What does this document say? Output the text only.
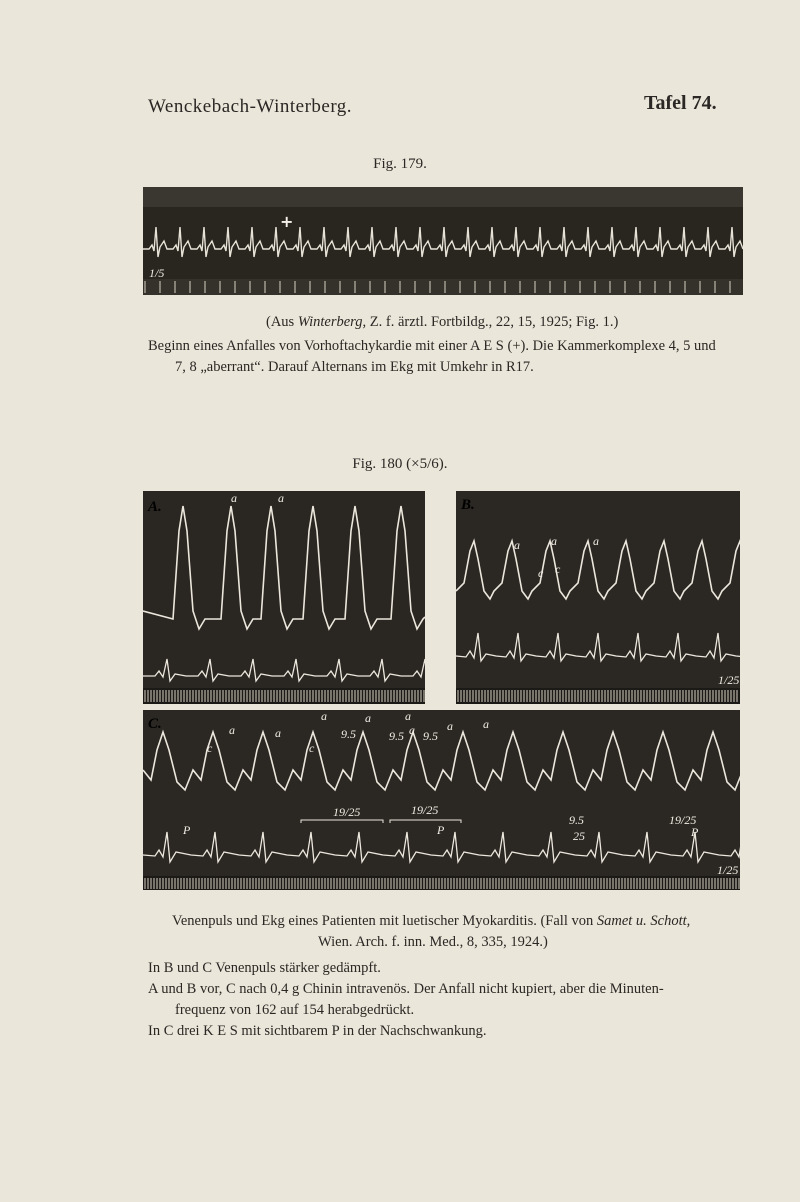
Wenckebach-Winterberg.	Tafel 74.
Fig. 179.
1/5
+
(Aus Winterberg, Z. f. ärztl. Fortbildg., 22, 15, 1925; Fig. 1.)
Beginn eines Anfalles von Vorhoftachykardie mit einer A E S (+). Die Kammerkomplexe 4, 5 und
7, 8 „aberrant“. Darauf Alternans im Ekg mit Umkehr in R17.
Fig. 180 (×5/6).
A.
a	a	B.
a	a	a
c c
1/25
C.	a	a
c
a
c
a
9.5	9.5 9.5
a	a	a
a
19/25	19/25
P	P
9.5
25
19/25
P
1/25
Venenpuls und Ekg eines Patienten mit luetischer Myokarditis. (Fall von Samet u. Schott,
Wien. Arch. f. inn. Med., 8, 335, 1924.)
In B und C Venenpuls stärker gedämpft.
A und B vor, C nach 0,4 g Chinin intravenös. Der Anfall nicht kupiert, aber die Minuten-
frequenz von 162 auf 154 herabgedrückt.
In C drei K E S mit sichtbarem P in der Nachschwankung.
